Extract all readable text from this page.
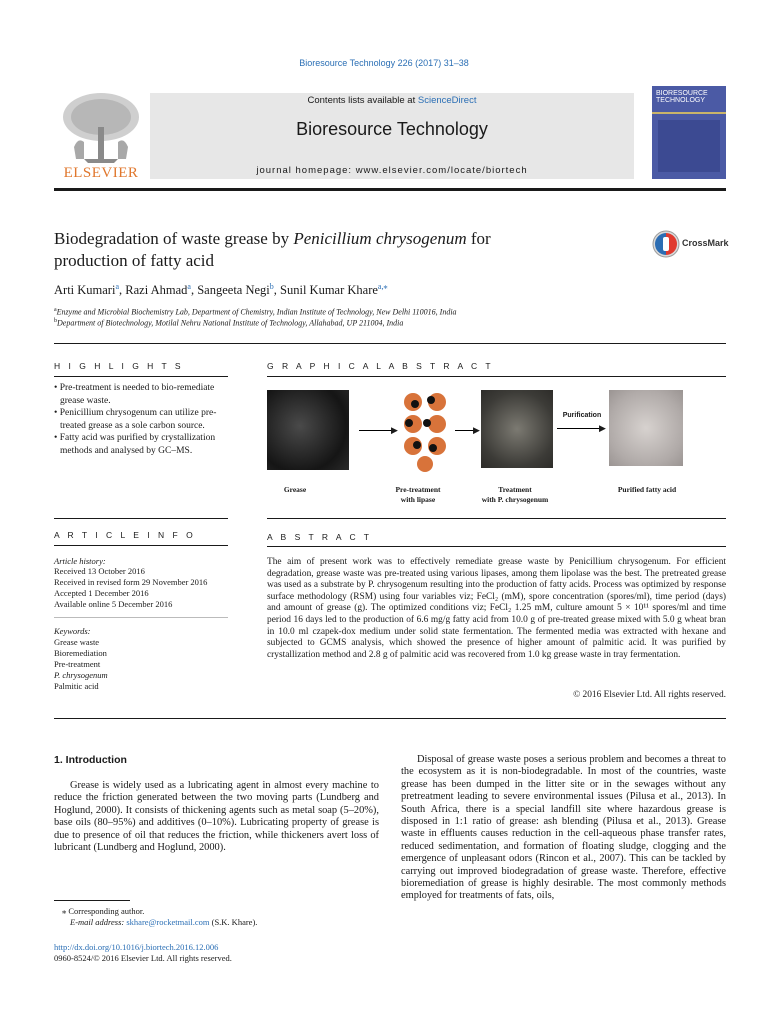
Bioresource Technology 226 (2017) 31–38
ELSEVIER
Contents lists available at ScienceDirect
Bioresource Technology
journal homepage: www.elsevier.com/locate/biortech
BIORESOURCE TECHNOLOGY
Biodegradation of waste grease by Penicillium chrysogenum for
production of fatty acid
CrossMark
Arti Kumari$^a$, Razi Ahmad$^a$, Sangeeta Negi$^b$, Sunil Kumar Khare$^{a,⁎}$
$^a$Enzyme and Microbial Biochemistry Lab, Department of Chemistry, Indian Institute of Technology, New Delhi 110016, India
$^b$Department of Biotechnology, Motilal Nehru National Institute of Technology, Allahabad, UP 211004, India
H I G H L I G H T S
• Pre-treatment is needed to bio-remediate grease waste.
• Penicillium chrysogenum can utilize pre-treated grease as a sole carbon source.
• Fatty acid was purified by crystallization methods and analysed by GC–MS.
G R A P H I C A L A B S T R A C T
▶	▶
Purification
▶
Grease	Pre-treatment
with lipase
Treatment
with P. chrysogenum
Purified fatty acid
A R T I C L E I N F O
Article history:
Received 13 October 2016
Received in revised form 29 November 2016
Accepted 1 December 2016
Available online 5 December 2016
Keywords:
Grease waste
Bioremediation
Pre-treatment
P. chrysogenum
Palmitic acid
A B S T R A C T
The aim of present work was to effectively remediate grease waste by Penicillium chrysogenum. For efficient degradation, grease waste was pre-treated using various lipases, among them lipolase was the best. The pretreated grease was used as a substrate by P. chrysogenum resulting into the production of fatty acids. Process was optimized by response surface methodology (RSM) using four variables viz; FeCl₂ (mM), spore concentration (spores/ml), time period (days) and amount of grease (g). The optimized conditions viz; FeCl₂ 1.25 mM, culture amount 5 × 10¹¹ spores/ml and time period 16 days led to the production of 6.6 mg/g fatty acid from 10.0 g of pre-treated grease mixed with 5.0 g wheat bran in 10.0 ml czapek-dox medium under solid state fermentation. The fermented media was extracted with hexane and subjected to GCMS analysis, which showed the presence of higher amount of palmitic acid. It was purified by crystallization method and 2.8 g of palmitic acid was recovered from 1.0 kg grease waste in tray fermentation.
© 2016 Elsevier Ltd. All rights reserved.
1. Introduction
Grease is widely used as a lubricating agent in almost every machine to reduce the friction generated between the two moving parts (Lundberg and Hoglund, 2000). It consists of thickening agents such as metal soap (5–20%), base oils (80–95%) and additives (0–10%). Lubricating property of grease is due to presence of oil that reduces the friction, while thickeners avert loss of lubricant (Lundberg and Hoglund, 2000).
Disposal of grease waste poses a serious problem and becomes a threat to the ecosystem as it is non-biodegradable. In most of the countries, waste grease has been dumped in the litter site or in the sewages without any pretreatment leading to severe environmental issues (Pilusa et al., 2013). In South Africa, there is a special landfill site where hazardous grease is disposed in 1:1 ratio of grease: ash blending (Pilusa et al., 2013). Grease waste in effluents causes reduction in the cell-aqueous phase transfer rates, reduced sedimentation, and formation of floating sludge, clogging and the emergence of unpleasant odors (Rincon et al., 2007). This can be tackled by carrying out improved biodegradation of grease waste. Therefore, effective bioremediation of grease is highly desirable. The most commonly methods employed for treatments of fats, oils,
⁎ Corresponding author.
E-mail address: skhare@rocketmail.com (S.K. Khare).
http://dx.doi.org/10.1016/j.biortech.2016.12.006
0960-8524/© 2016 Elsevier Ltd. All rights reserved.
